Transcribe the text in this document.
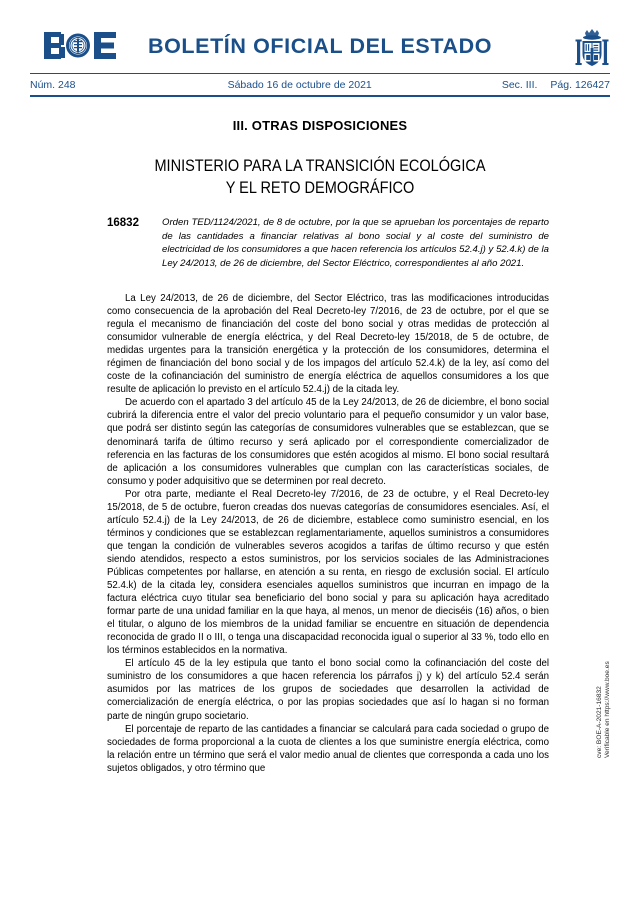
BOLETÍN OFICIAL DEL ESTADO
Núm. 248	Sábado 16 de octubre de 2021	Sec. III. Pág. 126427
III. OTRAS DISPOSICIONES
MINISTERIO PARA LA TRANSICIÓN ECOLÓGICA
Y EL RETO DEMOGRÁFICO
16832	Orden TED/1124/2021, de 8 de octubre, por la que se aprueban los porcentajes de reparto de las cantidades a financiar relativas al bono social y al coste del suministro de electricidad de los consumidores a que hacen referencia los artículos 52.4.j) y 52.4.k) de la Ley 24/2013, de 26 de diciembre, del Sector Eléctrico, correspondientes al año 2021.

La Ley 24/2013, de 26 de diciembre, del Sector Eléctrico, tras las modificaciones introducidas como consecuencia de la aprobación del Real Decreto-ley 7/2016, de 23 de octubre, por el que se regula el mecanismo de financiación del coste del bono social y otras medidas de protección al consumidor vulnerable de energía eléctrica, y del Real Decreto-ley 15/2018, de 5 de octubre, de medidas urgentes para la transición energética y la protección de los consumidores, determina el régimen de financiación del bono social y de los impagos del artículo 52.4.k) de la ley, así como del coste de la cofinanciación del suministro de energía eléctrica de aquellos consumidores a los que resulte de aplicación lo previsto en el artículo 52.4.j) de la citada ley.

De acuerdo con el apartado 3 del artículo 45 de la Ley 24/2013, de 26 de diciembre, el bono social cubrirá la diferencia entre el valor del precio voluntario para el pequeño consumidor y un valor base, que podrá ser distinto según las categorías de consumidores vulnerables que se establezcan, que se denominará tarifa de último recurso y será aplicado por el correspondiente comercializador de referencia en las facturas de los consumidores que estén acogidos al mismo. El bono social resultará de aplicación a los consumidores vulnerables que cumplan con las características sociales, de consumo y poder adquisitivo que se determinen por real decreto.

Por otra parte, mediante el Real Decreto-ley 7/2016, de 23 de octubre, y el Real Decreto-ley 15/2018, de 5 de octubre, fueron creadas dos nuevas categorías de consumidores esenciales. Así, el artículo 52.4.j) de la Ley 24/2013, de 26 de diciembre, establece como suministro esencial, en los términos y condiciones que se establezcan reglamentariamente, aquellos suministros a consumidores que tengan la condición de vulnerables severos acogidos a tarifas de último recurso y que estén siendo atendidos, respecto a estos suministros, por los servicios sociales de las Administraciones Públicas competentes por hallarse, en atención a su renta, en riesgo de exclusión social. El artículo 52.4.k) de la citada ley, considera esenciales aquellos suministros que incurran en impago de la factura eléctrica cuyo titular sea beneficiario del bono social y para su aplicación haya acreditado formar parte de una unidad familiar en la que haya, al menos, un menor de dieciséis (16) años, o bien el titular, o alguno de los miembros de la unidad familiar se encuentre en situación de dependencia reconocida de grado II o III, o tenga una discapacidad reconocida igual o superior al 33 %, todo ello en los términos establecidos en la normativa.

El artículo 45 de la ley estipula que tanto el bono social como la cofinanciación del coste del suministro de los consumidores a que hacen referencia los párrafos j) y k) del artículo 52.4 serán asumidos por las matrices de los grupos de sociedades que desarrollen la actividad de comercialización de energía eléctrica, o por las propias sociedades que así lo hagan si no forman parte de ningún grupo societario.

El porcentaje de reparto de las cantidades a financiar se calculará para cada sociedad o grupo de sociedades de forma proporcional a la cuota de clientes a los que suministre energía eléctrica, como la relación entre un término que será el valor medio anual de clientes que corresponda a cada uno los sujetos obligados, y otro término que

cve: BOE-A-2021-16832 Verificable en https://www.boe.es
